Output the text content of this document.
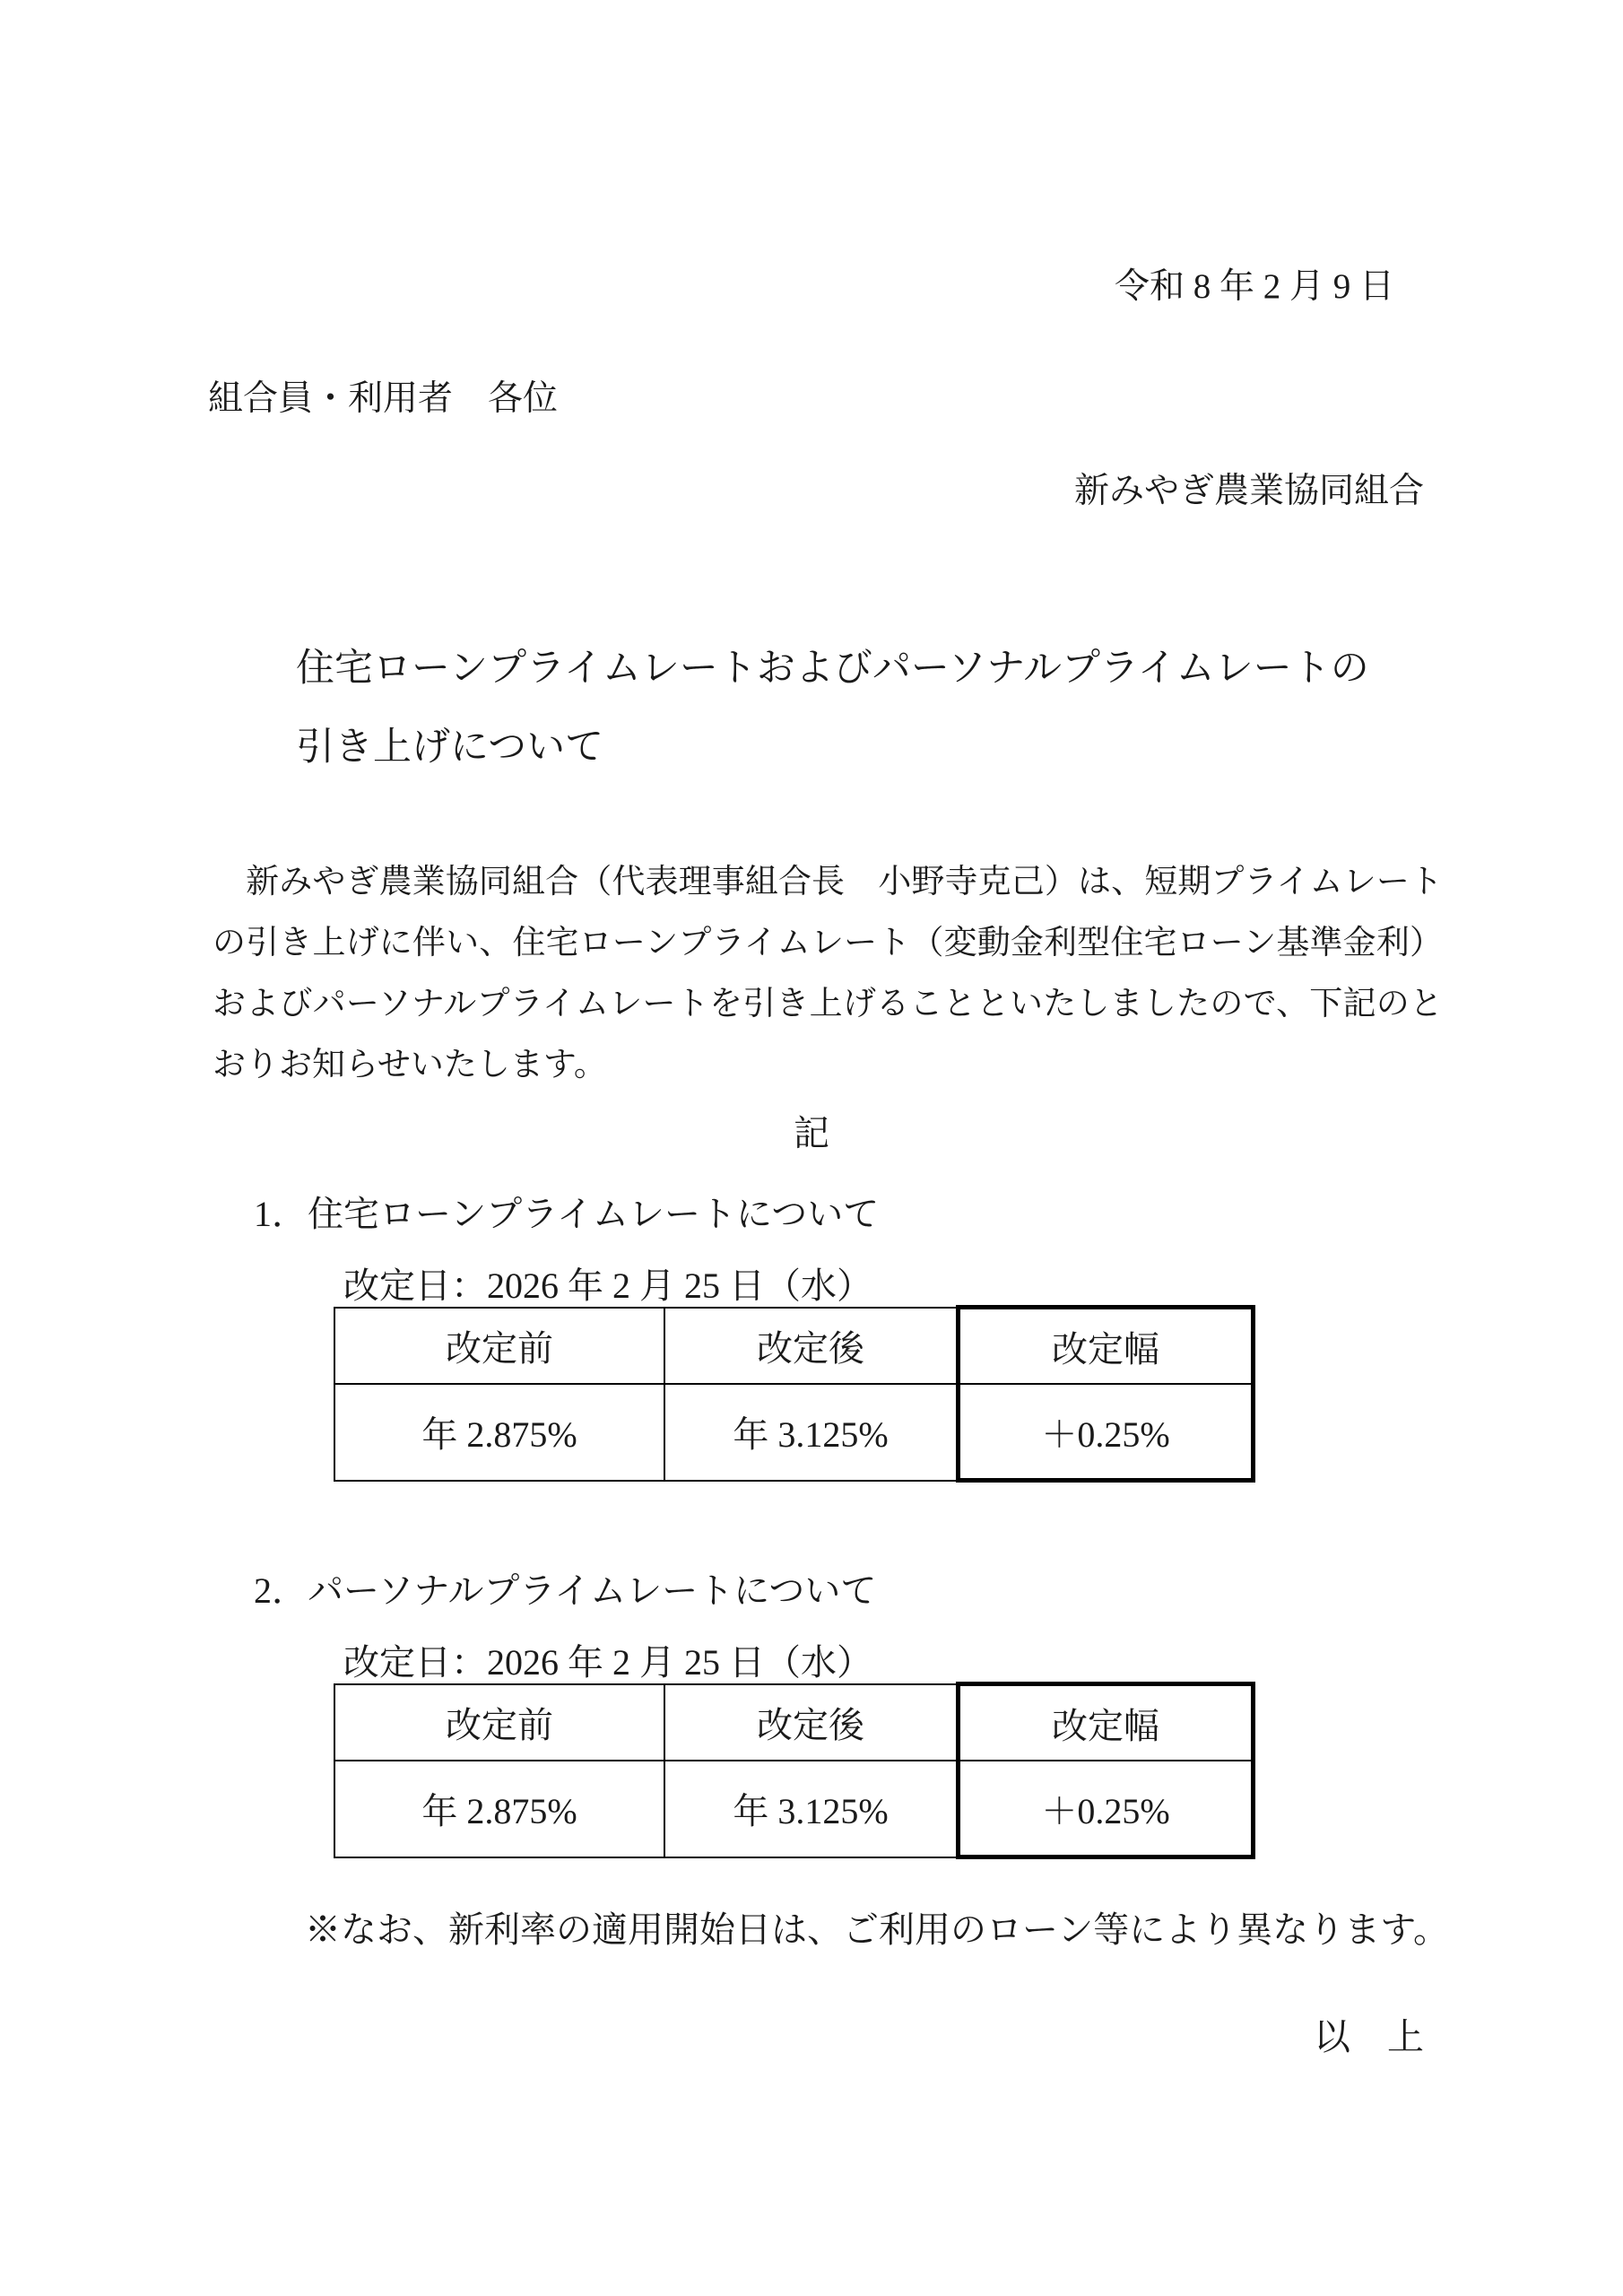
令和 8 年 2 月 9 日
組合員・利用者　各位
新みやぎ農業協同組合
住宅ローンプライムレートおよびパーソナルプライムレートの
引き上げについて
　新みやぎ農業協同組合（代表理事組合長　小野寺克己）は、短期プライムレートの引き上げに伴い、住宅ローンプライムレート（変動金利型住宅ローン基準金利）およびパーソナルプライムレートを引き上げることといたしましたので、下記のとおりお知らせいたします。
記
1．住宅ローンプライムレートについて
改定日：2026 年 2 月 25 日（水）
改定前	改定後	改定幅
年 2.875%	年 3.125%	＋0.25%
2．パーソナルプライムレートについて
改定日：2026 年 2 月 25 日（水）
改定前	改定後	改定幅
年 2.875%	年 3.125%	＋0.25%
※なお、新利率の適用開始日は、ご利用のローン等により異なります。
以　上
